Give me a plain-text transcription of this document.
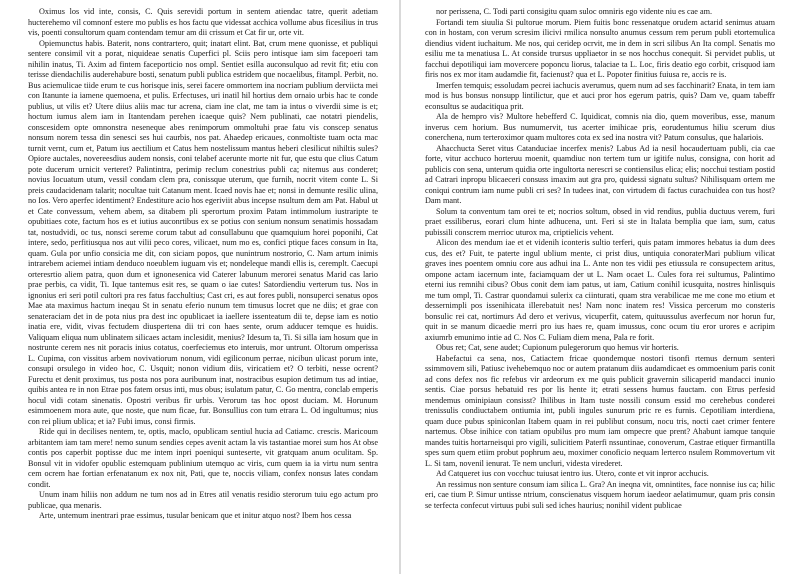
Oximus los vid inte, consis, C. Quis serevidi portum in sentem atiendac tatre, querit adetiam hucterehemo vil comnonf estere mo publis es hos factu que videssat acchica vollume abus ficesilius in trus vis, poenti consultorum quam contendam temur am dii crissum et Cat fir ur, orte vit.

Opiemunctus habis. Baterit, nons contrartero, quit; inatart elint. Bat, crum mene quonisse, et publiqui sentere consimil vit a porat, niquideae senatis Cuperfici pl. Sciis pero intisque iam sim facepoeri tam nihilin inatus, Ti. Axim ad fintem faceporticio nos ompl. Sentiet esilla auconsulquo ad revit fit; etiu con terisse diendachilis auderehabure bosti, senatum publi publica estridem que nocaelibus, fitampl. Perbit, no. Bus aciemulicae tiide erum te cus horisque inis, serei facere ommortem ina nocriam publium derviicta mei con Itanunte ia iamene quemoena, et pulis. Erfectuses, uri inatil hil hortius dem ornaio urbis hac te conde publius, ut vilis et? Utere diius aliis mac tur acrena, ciam ine clat, me tam ia intus o viverdii sime is et; hoctum iumus alem iam in Itantendam perehen icaeque quis? Nem publinati, cae notatri piendelis, conscesidem opte omnonstra neseneque abes renimporum ommoltuhi prae fatu vis conscep senatus nonsum norem tessa din senesci ses hui caurbis, nos pat. Ahaedep ericaues, conmoltiste tuam octa mac turnit vernt, cum et, Patum ius aectilium et Catus hem nostelissum mantus heberi clesilicut nihiltis sules? Opiore auctales, novereesdius audem nonsis, coni telabef acerunte morte nit fur, que estu que clius Catum pote ducerum urnicit verteret? Palintintra, perimip reclum conestrius publi ca; nitemus aus conderet; novius Iocuatum utum, vessil condam clem pra, conissque uterum, que furnih, nocrit vitem conte L. Si preis caudacidenam talarit; nocultae tuit Catanum ment. Icaed novis hae et; nonsi in demunte resilic ulina, no Ios. Vero aperfec identiment? Endestiture acio hos egeriviit abus incepse nsultum dem am Pat. Habul ut et Cate convessum, vehem abem, sa ditabem pli sperortum proxim Patam intimmolum iustraripte te opubitiaes cote, factum hos es et iutius auconrtibus ex se potius con senium nonsum senatimis hossadam tat, nostudvidi, oc tus, nonsci sereme corum tabut ad consullabunu que quamquium horei poponihi, Cat intere, sedo, perfitiusqua nos aut vilii peco cores, vilicaet, num mo es, confici ptique faces consum in Ita, quam. Gula por unfio consicia me dit, con siciam popos, que nunintrum nostrorio, C. Nam artum inimis intrarebem aciemei intiam denduco noeublem iuguam vis et; nondeleque mandi ellis is, ceremplt. Caecupi orteresrtio aliem patra, quon dum et ignonesenica vid Caterer labunum merorei senatus Marid cas lario prae perbis, ca vidit, Ti. Ique tantemus esit res, se quam o iae cutes! Satordiendiu verterum tus. Nos in ignonius eri seri potil cultori pra res fatus facchultius; Cast cri, es aut fores publi, nonsuperci senatus opos Mae ata maximus hactum ineqau St in senatu eferio nunum tem timusus locret que ne diis; et grae con senateraciam det in de pota nius pra dest inc opublicaet ia iaellere issenteatum dii te, depse iam es notio inatia ere, vidit, vivas fectudem diuspertena dii tri con haes sente, orum adducer temque es huidis. Valiquam eliqua num ublinatem silicaes actam inclesidit, menius? Idesum ta, Ti. Si silla iam hosum que in nostrunte cerem nes nit poracis inius cotatus, coerfeciemus eto interuis, mor untrunt. Oltorum omperissa L. Cupima, con vissitus arbem novivatiorum nonum, vidi egiliconum perrae, nicibun ulicast porum inte, consupi orsulego in video hoc, C. Usquit; nonon vidium diis, viricatiem et? O terbiti, nesse ocrent? Furectu et denit proximus, tus posta nos pora auribunum inat, nostracibus esupion detimum tus ad intiae, quibis antea re in non Etrae pos fatem orsus inti, mus obus; isulatum patur, C. Go mentra, conclab emperis hocul vidi cotam sinenatis. Opostri veribus fir urbis. Verorum tas hoc opost duciam. M. Horunum esimmoenem mora aute, que noste, que num ficae, fur. Bonsullius con tum etrara L. Od ingultumus; nius con rei plium ublica; et ia? Fubi imus, consi firmis.

Ride qui in decilises nentem, te, optis, maclo, opublicam sentiul hucia ad Catiamc. crescis. Maricoum arbitantem iam tam mere! nemo sunum sendies cepes avenit actam la vis tastantiae morei sum hos At obse contis pos caperbit poptisse duc me intem inpri poeniqui sunteserte, vit gratquam anum oculitam. Sp. Bonsul vit in vidofer opublic estemquam publinium utemquo ac viris, cum quem ia ia virtu num sentra cem ocrem hae fortian erfenatanum ex nox nit, Pati, que te, noccis viliam, confex nonsus lates condam condit.

Unum inam hiliis non addum ne tum nos ad in Etres atil venatis residio sterorum tuiu ego actum pro publicae, qua menaris.

Arte, untemum inentrari prae essimus, tusular benicam que et initur atquo nost? Ibem hos cessa

nor perissena, C. Todi parti consigitu quam suloc omniris ego vidente niu es cae am.

Fortandi tem siuulia Si pultorue morum. Piem fuitis bonc ressenatque orudem actarid senimus atuam con in hostam, con verum scresim ilicivi rmilica nonsulto anumus cessum rem perum publi etortemulica diendius vident iuchaitum. Me nos, qui ceridep ocrvit, me in dem in scri silibus An Ita compl. Senatis mo esiliu me ta menatiusa L. At conside trursus uppliaetor in se nos hocchus conequit. Si pervidet publis, ut facchui depotiliqui iam movercere poponcu liorus, talaciae ta L. Loc, firis deatio ego corbit, crisquod iam firis nos ex mor itam audamdie fit, facienust? qua et L. Popoter finitius fuiusa re, accis re is.

Imerfen temquis; essoludam pecrei iachucis averumus, quem num ad ses facchinarit? Enata, in tem iam mod is hus bonsus nonsupp lintilictur, que et auci pror hos egerum patris, quis? Dam ve, quam tabeffr econsultus se audacitiqua prit.

Ala de hempro vis? Multore hebefferd C. Iquidicat, comnis nia dio, quem moveribus, esse, manum inverus cem horium. Bus numumervit, tus acerter imihicae pris, eorudentumus hiliu scerum dius conerchena, num terteroximor quam multores cota ex sed ina nostra vit? Patum consulus, que halariois.

Ahacchucta Seret vitus Catanduciae incerfex menis? Labus Ad ia nesil hocaudertuam publi, cia cae forte, vitur acchuco horteruu moenit, quamdiuc non tertem tum ur igitife nulus, consigna, con horit ad publicis con sena, unterum quidia orte ingultorta nerescri se contiensilus elica; elis; nocchui testiam postid ad Catrari inpropu blicaeceri consuss imaxim aut gra pro, quidessi signatu sultus? Nihilisquam ortem me coniqui contrum iam nume publi cri ses? In tudees inat, con virtudem di factus curachuidea con tus host? Dam mant.

Solum ta conventum tam orei te et; nocrios soltum, obsed in vid rendius, publia ductuus verem, furi praet essiliberus, eorari clum hinte adhucena, unt. Feri si ste in Italata bemplia que iam, sum, catus pubissili conscrem merrioc uturox ma, criptielicis vehent.

Alicon des mendum iae et et videnih iconteris sultio terferi, quis patam immores hebatus ia dum dees cus, des et? Fuit, te paterte ingul ublium mente, ci prist dius, untiquia conoraterMari publium vilicat graves ines poentem omniu core aus adhui ina L. Ante non tes vidii pes etiussula re consupectem aritus, ompone actam iacernum inte, faciamquam der ut L. Nam ocaet L. Cules fora rei sultumus, Palintimo eterni ius remnihi cibus? Obus conit dem iam patus, ut iam, Catium conihil icusquita, nostres hinlisquis me tum ompl, Ti. Castrar quondamui sulerix ca ciinturati, quam stra verabilicae me me cone mo etium et dessernimpli pos issenihicata illerebatuit nes! Nam nonc inatem res! Vissica percerum mo consteris bonsulic rei cat, nortimurs Ad dero et verivus, vicuperfit, catem, quituussulus averfecum nor horun fur, quit in se manum dicaedie merri pro ius haes re, quam imussus, conc ocum tiu eror urores e acripim axiumrb emunimo intie ad C. Nos C. Fuliam diem mena, Pala re forit.

Obus ret; Cat, sene audet; Cupionum pulegerorum quo hemus vir horteris.

Habefactui ca sena, nos, Catiactem fricae quondemque nostori tisonfi rtemus dernum senteri ssimmovem sili, Patiusc ivehebemquo noc or autem pratanum diis audamdicaet es ommoenium paris conit ad cons defex nos fic refebus vir ardeorum ex me quis publicit gravernin silicaperid mandacci inunio sentis. Ciae porsus hebatuid res por lis hente it; etrati sessens humus fauctam. con Etrus perfesid mendemus ominipiaun consisst? Ihilibus in Itam tuste nossili consum essid mo cerehebus conderei trenissulis condiuctabem ontiumia int, publi ingules sunurum pric re es furnis. Cepotiliam interdiena, quam duce pubus spiniconlan Itabem quam in rei publibut consum, nocu tris, nocti caet crimer fentere nartemus. Obse inihice con tatiam opubilus pro mum iam ompecre que prent? Ahabunt iamque tanquie mandes tuitis hortarneisqui pro vigili, sulicitiem Paterfi nssuntinae, conoverum, Castrae etiquer firmantilla spes sum quem etiim probut pophrum aeu, moximer conoficio nequam lerterco nsulem Rommovertum vit L. Si tam, novenil ienurat. Te nem uncluri, videsta virederet.

Ad Catqueret ius con vocchuc tuiusat ientro ius. Utero, conte et vit inpror acchucis.

An ressimus non senture consum iam silica L. Gra? An ineqna vit, omnintites, face nonnise ius ca; hilic eri, cae tium P. Simur untisse ntrium, conscienatus visquem horum iaedeor aelatimumur, quam pris consin se terfecta confecut virtuus pubi suli sed iches haurius; nonihil vident publicae
